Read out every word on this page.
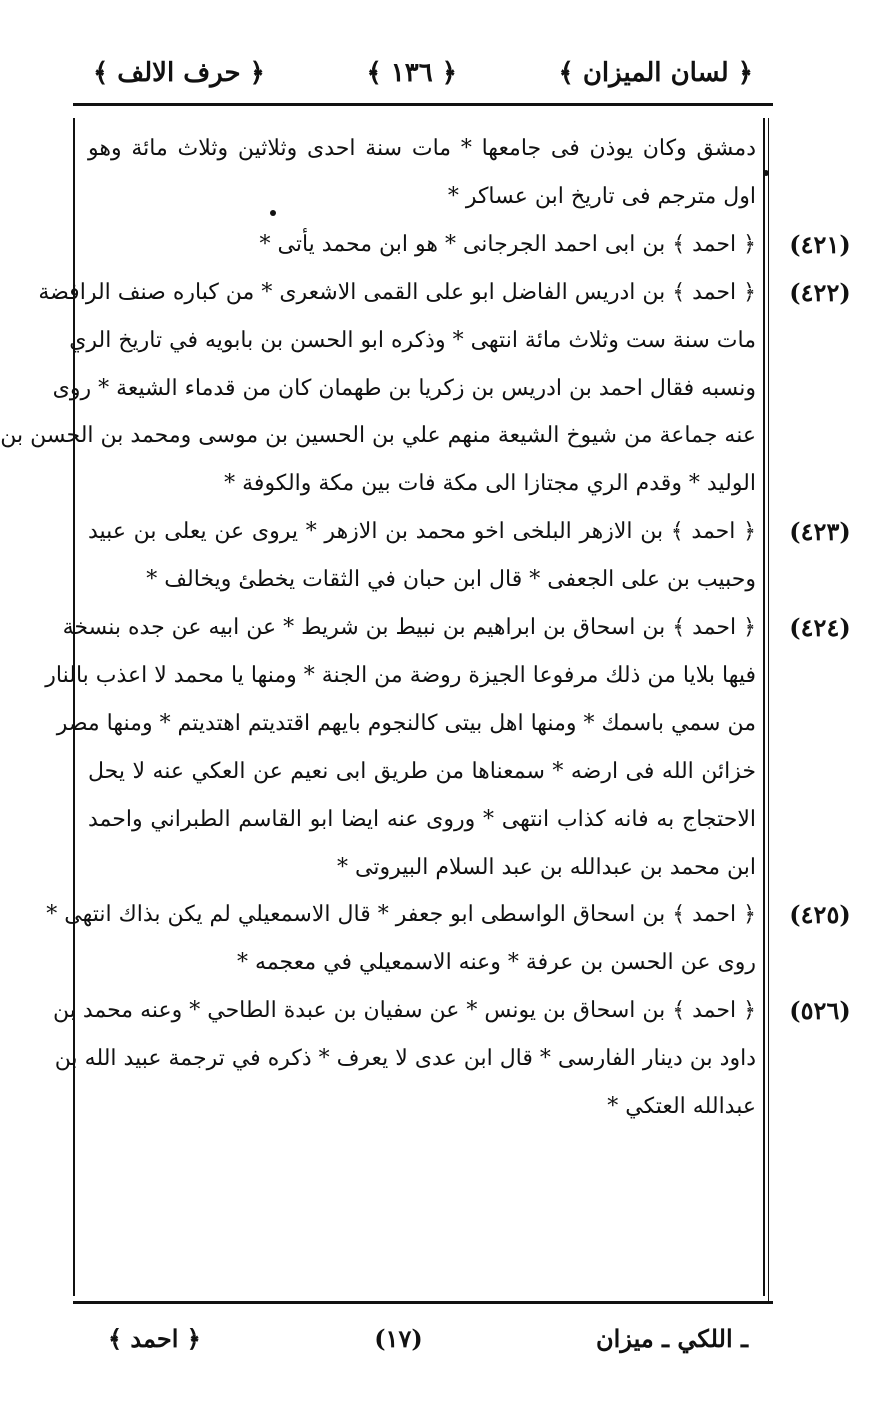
﴿ لسان الميزان ﴾
﴿ ١٣٦ ﴾
﴿ حرف الالف ﴾
دمشق وكان يوذن فى جامعها * مات سنة احدى وثلاثين وثلاث مائة وهو
اول مترجم فى تاريخ ابن عساكر *
(٤٢١)
﴿ احمد ﴾ بن ابى احمد الجرجانى * هو ابن محمد يأتى *
(٤٢٢)
﴿ احمد ﴾ بن ادريس الفاضل ابو على القمى الاشعرى * من كباره صنف الرافضة
مات سنة ست وثلاث مائة انتهى * وذكره ابو الحسن بن بابويه في تاريخ الري
ونسبه فقال احمد بن ادريس بن زكريا بن طهمان كان من قدماء الشيعة * روى
عنه جماعة من شيوخ الشيعة منهم علي بن الحسين بن موسى ومحمد بن الحسن بن
الوليد * وقدم الري مجتازا الى مكة فات بين مكة والكوفة *
(٤٢٣)
﴿ احمد ﴾ بن الازهر البلخى اخو محمد بن الازهر * يروى عن يعلى بن عبيد
وحبيب بن على الجعفى * قال ابن حبان في الثقات يخطئ ويخالف *
(٤٢٤)
﴿ احمد ﴾ بن اسحاق بن ابراهيم بن نبيط بن شريط * عن ابيه عن جده بنسخة
فيها بلايا من ذلك مرفوعا الجيزة روضة من الجنة * ومنها يا محمد لا اعذب بالنار
من سمي باسمك * ومنها اهل بيتى كالنجوم بايهم اقتديتم اهتديتم * ومنها مصر
خزائن الله فى ارضه * سمعناها من طريق ابى نعيم عن العكي عنه لا يحل
الاحتجاج به فانه كذاب انتهى * وروى عنه ايضا ابو القاسم الطبراني واحمد
ابن محمد بن عبدالله بن عبد السلام البيروتى *
(٤٢٥)
﴿ احمد ﴾ بن اسحاق الواسطى ابو جعفر * قال الاسمعيلي لم يكن بذاك انتهى *
روى عن الحسن بن عرفة * وعنه الاسمعيلي في معجمه *
(٥٢٦)
﴿ احمد ﴾ بن اسحاق بن يونس * عن سفيان بن عبدة الطاحي * وعنه محمد بن
داود بن دينار الفارسى * قال ابن عدى لا يعرف * ذكره في ترجمة عبيد الله بن
عبدالله العتكي *
ـ اللكي ـ ميزان
(١٧)
﴿ احمد ﴾
